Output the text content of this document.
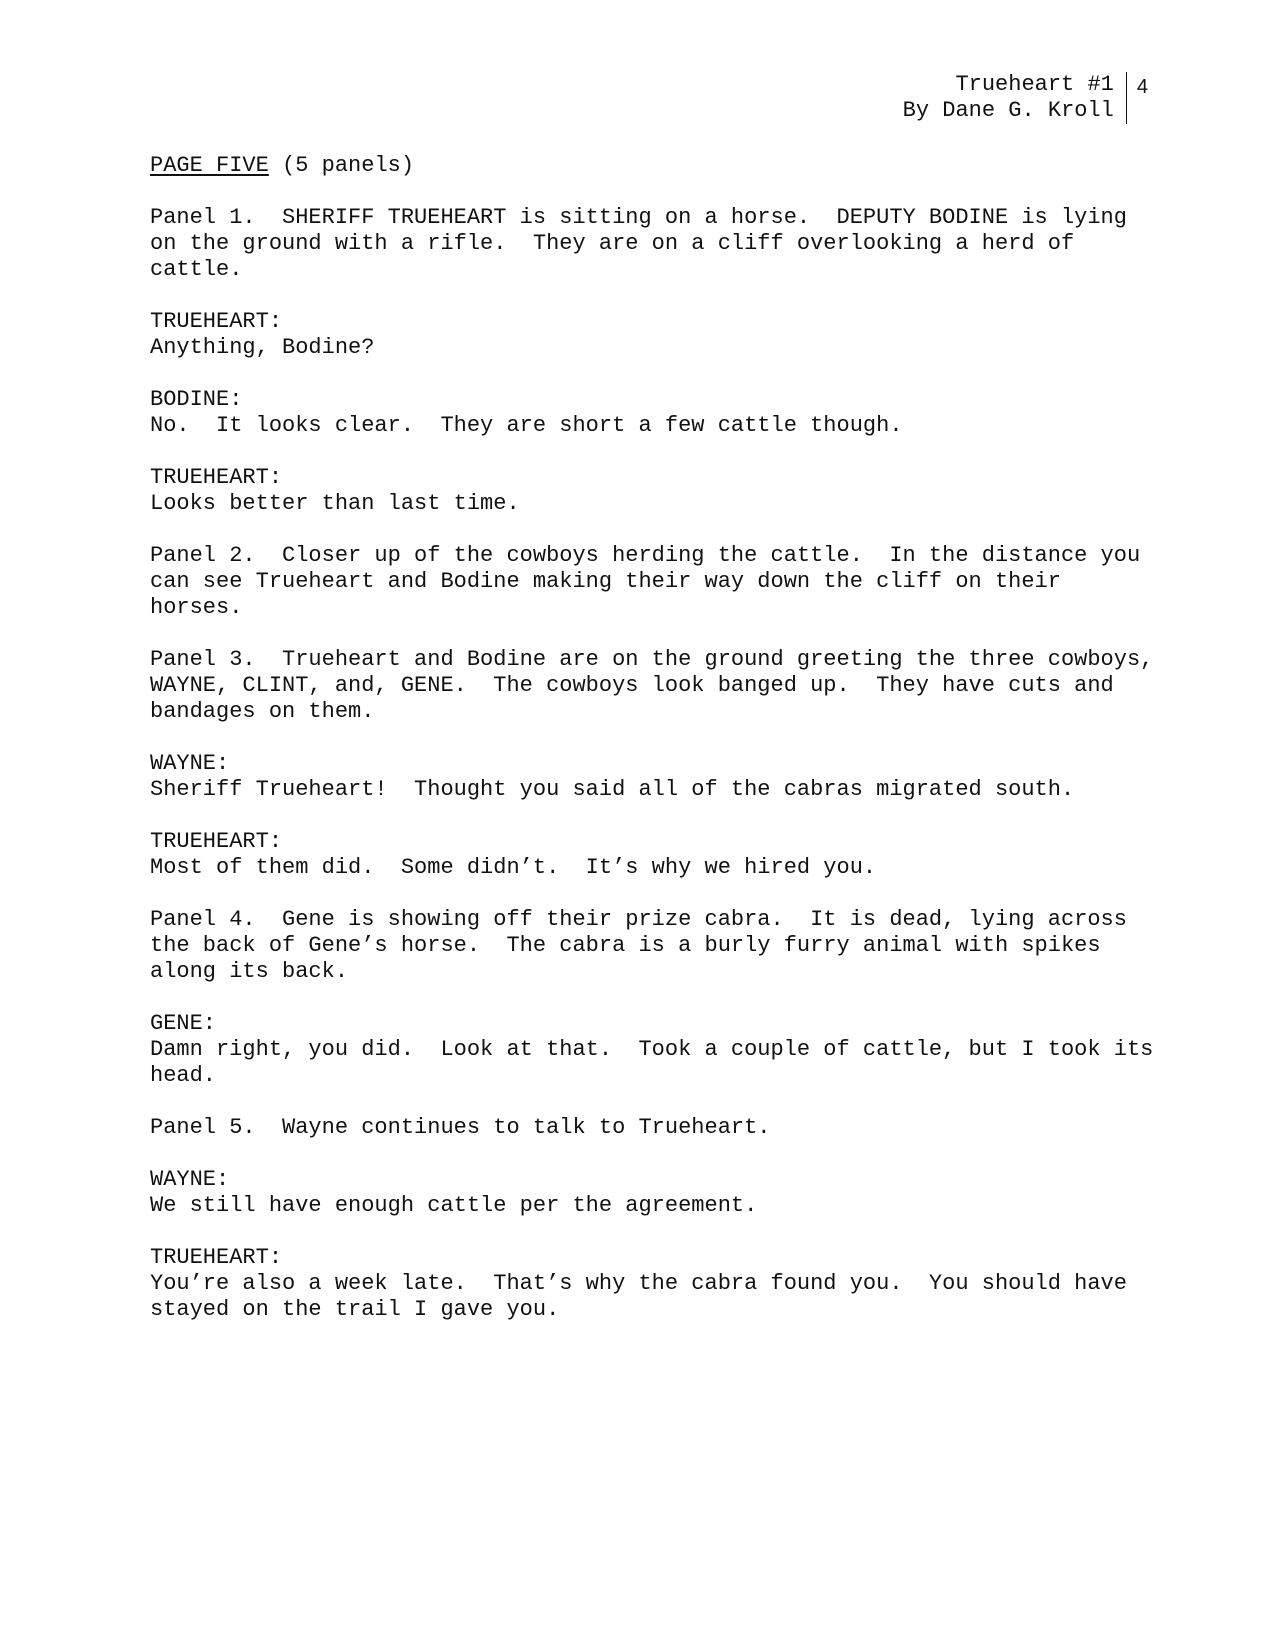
Trueheart #1
By Dane G. Kroll
4
PAGE FIVE (5 panels)
Panel 1.  SHERIFF TRUEHEART is sitting on a horse.  DEPUTY BODINE is lying on the ground with a rifle.  They are on a cliff overlooking a herd of cattle.
TRUEHEART:
Anything, Bodine?
BODINE:
No.  It looks clear.  They are short a few cattle though.
TRUEHEART:
Looks better than last time.
Panel 2.  Closer up of the cowboys herding the cattle.  In the distance you can see Trueheart and Bodine making their way down the cliff on their horses.
Panel 3.  Trueheart and Bodine are on the ground greeting the three cowboys, WAYNE, CLINT, and, GENE.  The cowboys look banged up.  They have cuts and bandages on them.
WAYNE:
Sheriff Trueheart!  Thought you said all of the cabras migrated south.
TRUEHEART:
Most of them did.  Some didn’t.  It’s why we hired you.
Panel 4.  Gene is showing off their prize cabra.  It is dead, lying across the back of Gene’s horse.  The cabra is a burly furry animal with spikes along its back.
GENE:
Damn right, you did.  Look at that.  Took a couple of cattle, but I took its head.
Panel 5.  Wayne continues to talk to Trueheart.
WAYNE:
We still have enough cattle per the agreement.
TRUEHEART:
You’re also a week late.  That’s why the cabra found you.  You should have stayed on the trail I gave you.
